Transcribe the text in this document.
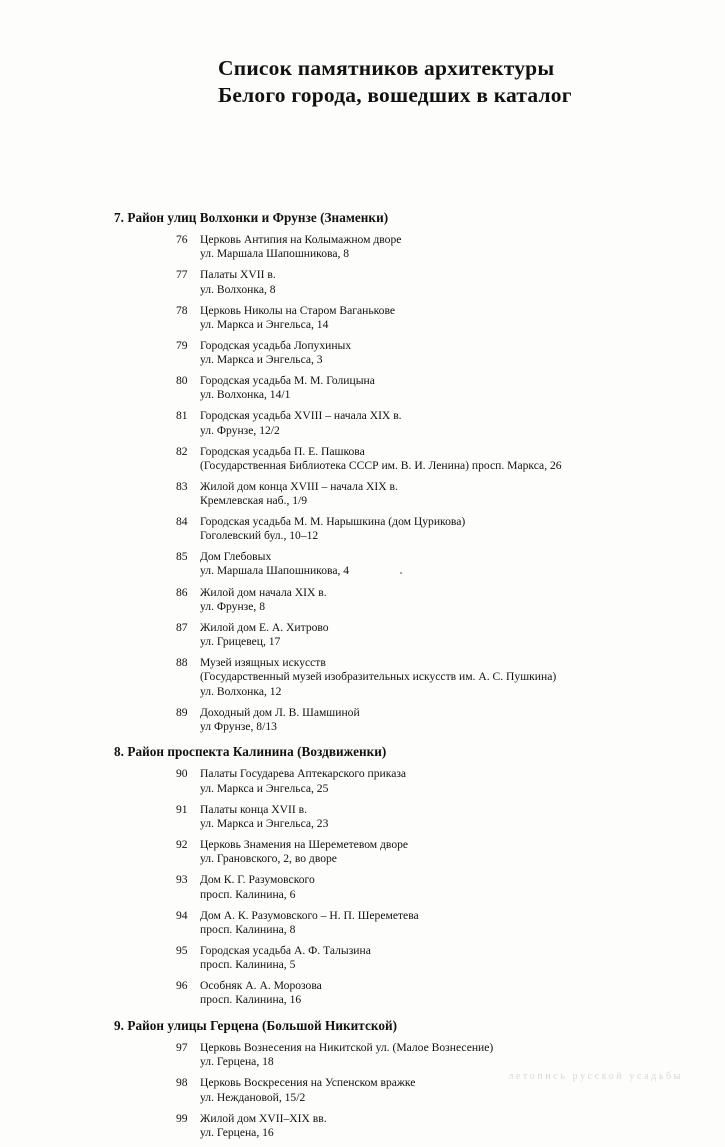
Список памятников архитектуры
Белого города, вошедших в каталог
7. Район улиц Волхонки и Фрунзе (Знаменки)
76	Церковь Антипия на Колымажном дворе
ул. Маршала Шапошникова, 8
77	Палаты XVII в.
ул. Волхонка, 8
78	Церковь Николы на Старом Ваганькове
ул. Маркса и Энгельса, 14
79	Городская усадьба Лопухиных
ул. Маркса и Энгельса, 3
80	Городская усадьба М. М. Голицына
ул. Волхонка, 14/1
81	Городская усадьба XVIII – начала XIX в.
ул. Фрунзе, 12/2
82	Городская усадьба П. Е. Пашкова
(Государственная Библиотека СССР им. В. И. Ленина) просп. Маркса, 26
83	Жилой дом конца XVIII – начала XIX в.
Кремлевская наб., 1/9
84	Городская усадьба М. М. Нарышкина (дом Цурикова)
Гоголевский бул., 10–12
85	Дом Глебовых
ул. Маршала Шапошникова, 4
86	Жилой дом начала XIX в.
ул. Фрунзе, 8
87	Жилой дом Е. А. Хитрово
ул. Грицевец, 17
88	Музей изящных искусств
(Государственный музей изобразительных искусств им. А. С. Пушкина)
ул. Волхонка, 12
89	Доходный дом Л. В. Шамшиной
ул Фрунзе, 8/13
8. Район проспекта Калинина (Воздвиженки)
90	Палаты Государева Аптекарского приказа
ул. Маркса и Энгельса, 25
91	Палаты конца XVII в.
ул. Маркса и Энгельса, 23
92	Церковь Знамения на Шереметевом дворе
ул. Грановского, 2, во дворе
93	Дом К. Г. Разумовского
просп. Калинина, 6
94	Дом А. К. Разумовского – Н. П. Шереметева
просп. Калинина, 8
95	Городская усадьба А. Ф. Талызина
просп. Калинина, 5
96	Особняк А. А. Морозова
просп. Калинина, 16
9. Район улицы Герцена (Большой Никитской)
97	Церковь Вознесения на Никитской ул. (Малое Вознесение)
ул. Герцена, 18
98	Церковь Воскресения на Успенском вражке
ул. Неждановой, 15/2
99	Жилой дом XVII–XIX вв.
ул. Герцена, 16
летопись русской усадьбы
